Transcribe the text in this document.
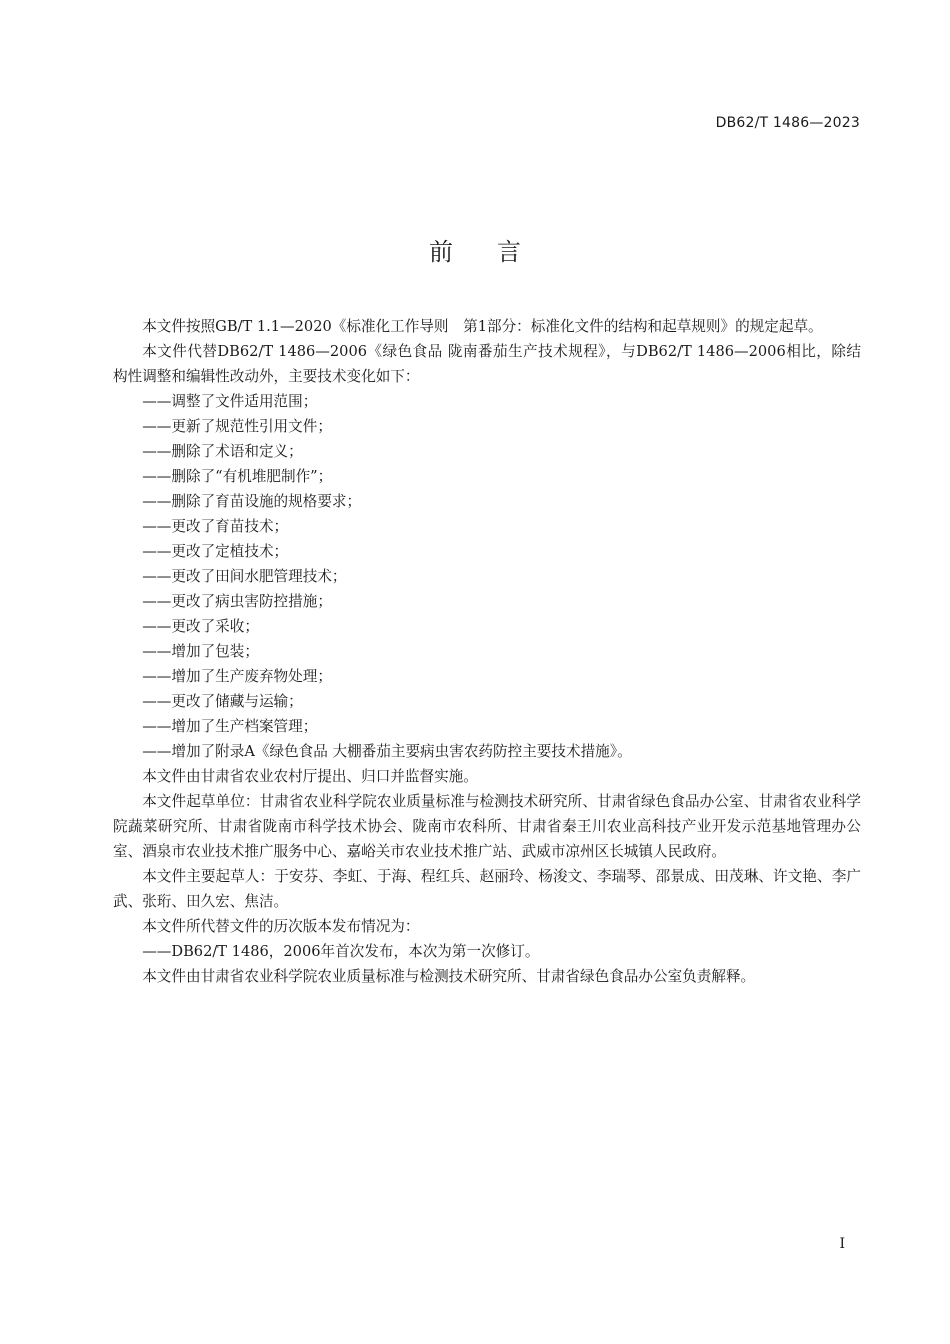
DB62/T 1486—2023
前言

本文件按照GB/T 1.1—2020《标准化工作导则　第1部分：标准化文件的结构和起草规则》的规定起草。

本文件代替DB62/T 1486—2006《绿色食品 陇南番茄生产技术规程》，与DB62/T 1486—2006相比，除结构性调整和编辑性改动外，主要技术变化如下：

——调整了文件适用范围；

——更新了规范性引用文件；

——删除了术语和定义；

——删除了“有机堆肥制作”；

——删除了育苗设施的规格要求；

——更改了育苗技术；

——更改了定植技术；

——更改了田间水肥管理技术；

——更改了病虫害防控措施；

——更改了采收；

——增加了包装；

——增加了生产废弃物处理；

——更改了储藏与运输；

——增加了生产档案管理；

——增加了附录A《绿色食品 大棚番茄主要病虫害农药防控主要技术措施》。

本文件由甘肃省农业农村厅提出、归口并监督实施。

本文件起草单位：甘肃省农业科学院农业质量标准与检测技术研究所、甘肃省绿色食品办公室、甘肃省农业科学院蔬菜研究所、甘肃省陇南市科学技术协会、陇南市农科所、甘肃省秦王川农业高科技产业开发示范基地管理办公室、酒泉市农业技术推广服务中心、嘉峪关市农业技术推广站、武威市凉州区长城镇人民政府。

本文件主要起草人：于安芬、李虹、于海、程红兵、赵丽玲、杨浚文、李瑞琴、邵景成、田茂琳、许文艳、李广武、张珩、田久宏、焦洁。

本文件所代替文件的历次版本发布情况为：

——DB62/T 1486，2006年首次发布，本次为第一次修订。

本文件由甘肃省农业科学院农业质量标准与检测技术研究所、甘肃省绿色食品办公室负责解释。

I
